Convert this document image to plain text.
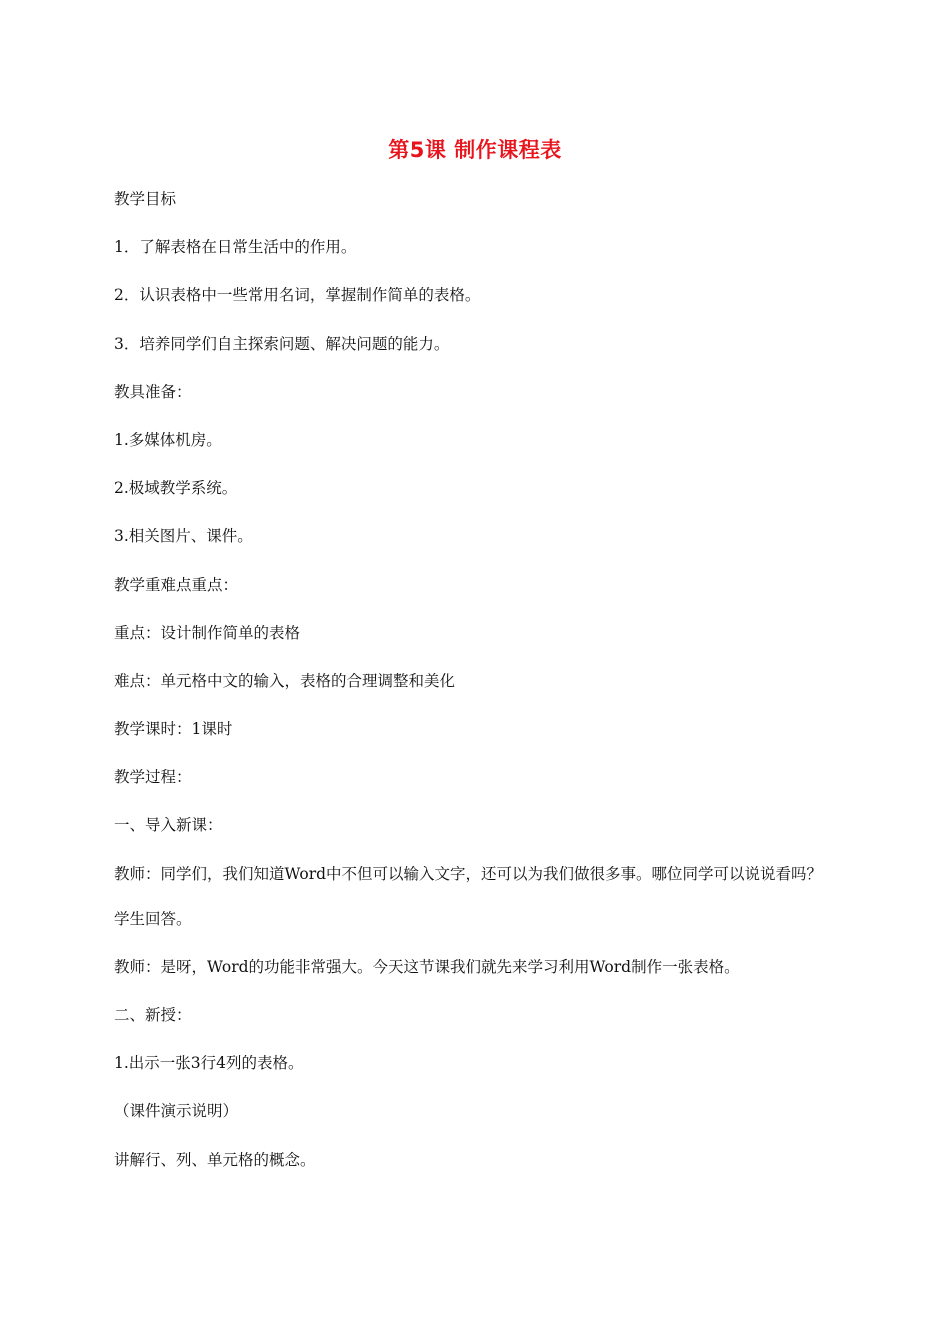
第5课 制作课程表
教学目标
1．了解表格在日常生活中的作用。
2．认识表格中一些常用名词，掌握制作简单的表格。
3．培养同学们自主探索问题、解决问题的能力。
教具准备：
1.多媒体机房。
2.极域教学系统。
3.相关图片、课件。
教学重难点重点：
重点：设计制作简单的表格
难点：单元格中文的输入，表格的合理调整和美化
教学课时：1课时
教学过程：
一、导入新课：
教师：同学们，我们知道Word中不但可以输入文字，还可以为我们做很多事。哪位同学可以说说看吗？
学生回答。
教师：是呀，Word的功能非常强大。今天这节课我们就先来学习利用Word制作一张表格。
二、新授：
1.出示一张3行4列的表格。
（课件演示说明）
讲解行、列、单元格的概念。
